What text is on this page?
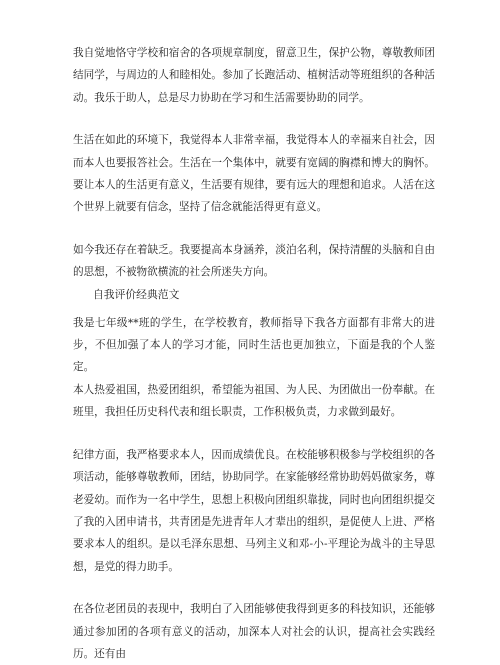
我自觉地恪守学校和宿舍的各项规章制度，留意卫生，保护公物，尊敬教师团结同学，与周边的人和睦相处。参加了长跑活动、植树活动等班组织的各种活动。我乐于助人，总是尽力协助在学习和生活需要协助的同学。

生活在如此的环境下，我觉得本人非常幸福，我觉得本人的幸福来自社会，因而本人也要报答社会。生活在一个集体中，就要有宽阔的胸襟和博大的胸怀。要让本人的生活更有意义，生活要有规律，要有远大的理想和追求。人活在这个世界上就要有信念，坚持了信念就能活得更有意义。

如今我还存在着缺乏。我要提高本身涵养，淡泊名利，保持清醒的头脑和自由的思想，不被物欲横流的社会所迷失方向。

自我评价经典范文

我是七年级**班的学生，在学校教育，教师指导下我各方面都有非常大的进步，不但加强了本人的学习才能，同时生活也更加独立，下面是我的个人鉴定。

本人热爱祖国，热爱团组织，希望能为祖国、为人民、为团做出一份奉献。在班里，我担任历史科代表和组长职责，工作积极负责，力求做到最好。

纪律方面，我严格要求本人，因而成绩优良。在校能够积极参与学校组织的各项活动，能够尊敬教师，团结，协助同学。在家能够经常协助妈妈做家务，尊老爱幼。而作为一名中学生，思想上积极向团组织靠拢，同时也向团组织提交了我的入团申请书，共青团是先进青年人才辈出的组织，是促使人上进、严格要求本人的组织。是以毛泽东思想、马列主义和邓-小-平理论为战斗的主导思想，是党的得力助手。

在各位老团员的表现中，我明白了入团能够使我得到更多的科技知识，还能够通过参加团的各项有意义的活动，加深本人对社会的认识，提高社会实践经历。还有由
